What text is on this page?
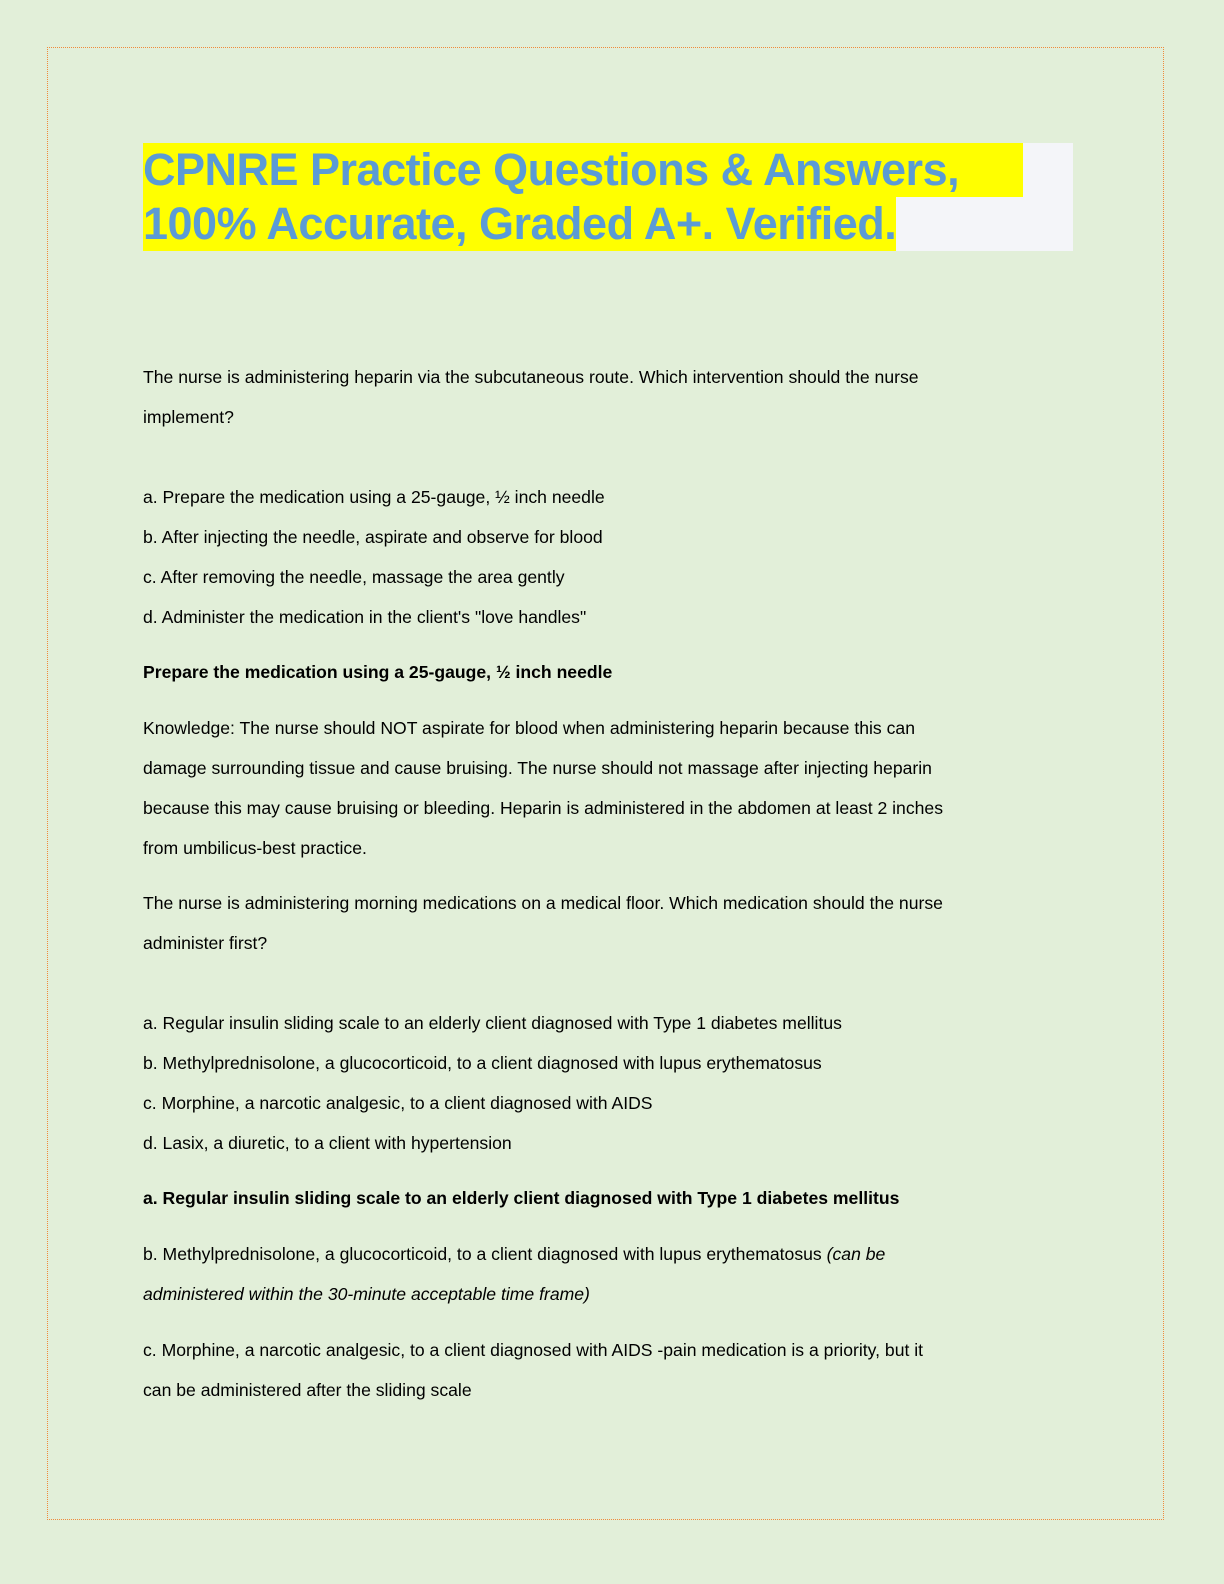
CPNRE Practice Questions & Answers,
100% Accurate, Graded A+. Verified.
The nurse is administering heparin via the subcutaneous route. Which intervention should the nurse
implement?
a. Prepare the medication using a 25-gauge, ½ inch needle
b. After injecting the needle, aspirate and observe for blood
c. After removing the needle, massage the area gently
d. Administer the medication in the client's "love handles"
Prepare the medication using a 25-gauge, ½ inch needle
Knowledge: The nurse should NOT aspirate for blood when administering heparin because this can
damage surrounding tissue and cause bruising. The nurse should not massage after injecting heparin
because this may cause bruising or bleeding. Heparin is administered in the abdomen at least 2 inches
from umbilicus-best practice.
The nurse is administering morning medications on a medical floor. Which medication should the nurse
administer first?
a. Regular insulin sliding scale to an elderly client diagnosed with Type 1 diabetes mellitus
b. Methylprednisolone, a glucocorticoid, to a client diagnosed with lupus erythematosus
c. Morphine, a narcotic analgesic, to a client diagnosed with AIDS
d. Lasix, a diuretic, to a client with hypertension
a. Regular insulin sliding scale to an elderly client diagnosed with Type 1 diabetes mellitus
b. Methylprednisolone, a glucocorticoid, to a client diagnosed with lupus erythematosus (can be
administered within the 30-minute acceptable time frame)
c. Morphine, a narcotic analgesic, to a client diagnosed with AIDS -pain medication is a priority, but it
can be administered after the sliding scale
